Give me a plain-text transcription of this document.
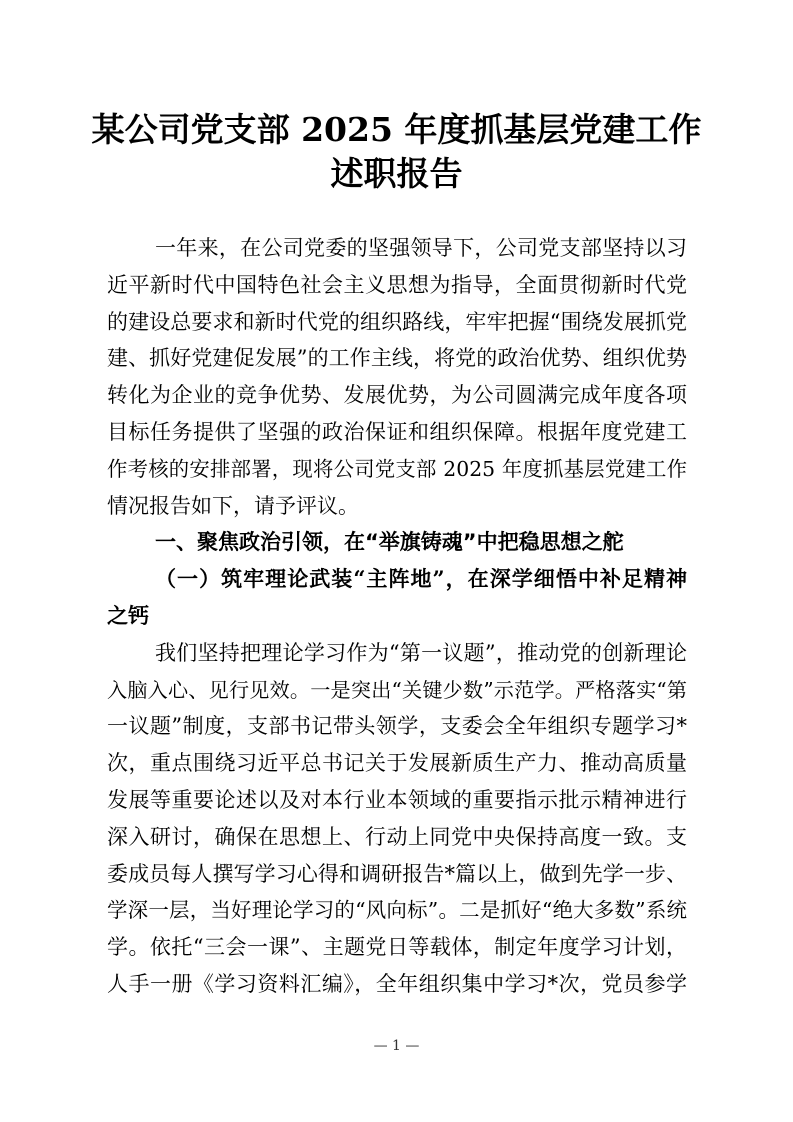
某公司党支部 2025 年度抓基层党建工作
述职报告
一年来，在公司党委的坚强领导下，公司党支部坚持以习
近平新时代中国特色社会主义思想为指导，全面贯彻新时代党
的建设总要求和新时代党的组织路线，牢牢把握“围绕发展抓党
建、抓好党建促发展”的工作主线，将党的政治优势、组织优势
转化为企业的竞争优势、发展优势，为公司圆满完成年度各项
目标任务提供了坚强的政治保证和组织保障。根据年度党建工
作考核的安排部署，现将公司党支部 2025 年度抓基层党建工作
情况报告如下，请予评议。
一、聚焦政治引领，在“举旗铸魂”中把稳思想之舵
（一）筑牢理论武装“主阵地”，在深学细悟中补足精神
之钙
我们坚持把理论学习作为“第一议题”，推动党的创新理论
入脑入心、见行见效。一是突出“关键少数”示范学。严格落实“第
一议题”制度，支部书记带头领学，支委会全年组织专题学习*
次，重点围绕习近平总书记关于发展新质生产力、推动高质量
发展等重要论述以及对本行业本领域的重要指示批示精神进行
深入研讨，确保在思想上、行动上同党中央保持高度一致。支
委成员每人撰写学习心得和调研报告*篇以上，做到先学一步、
学深一层，当好理论学习的“风向标”。二是抓好“绝大多数”系统
学。依托“三会一课”、主题党日等载体，制定年度学习计划，
人手一册《学习资料汇编》，全年组织集中学习*次，党员参学
— 1 —
